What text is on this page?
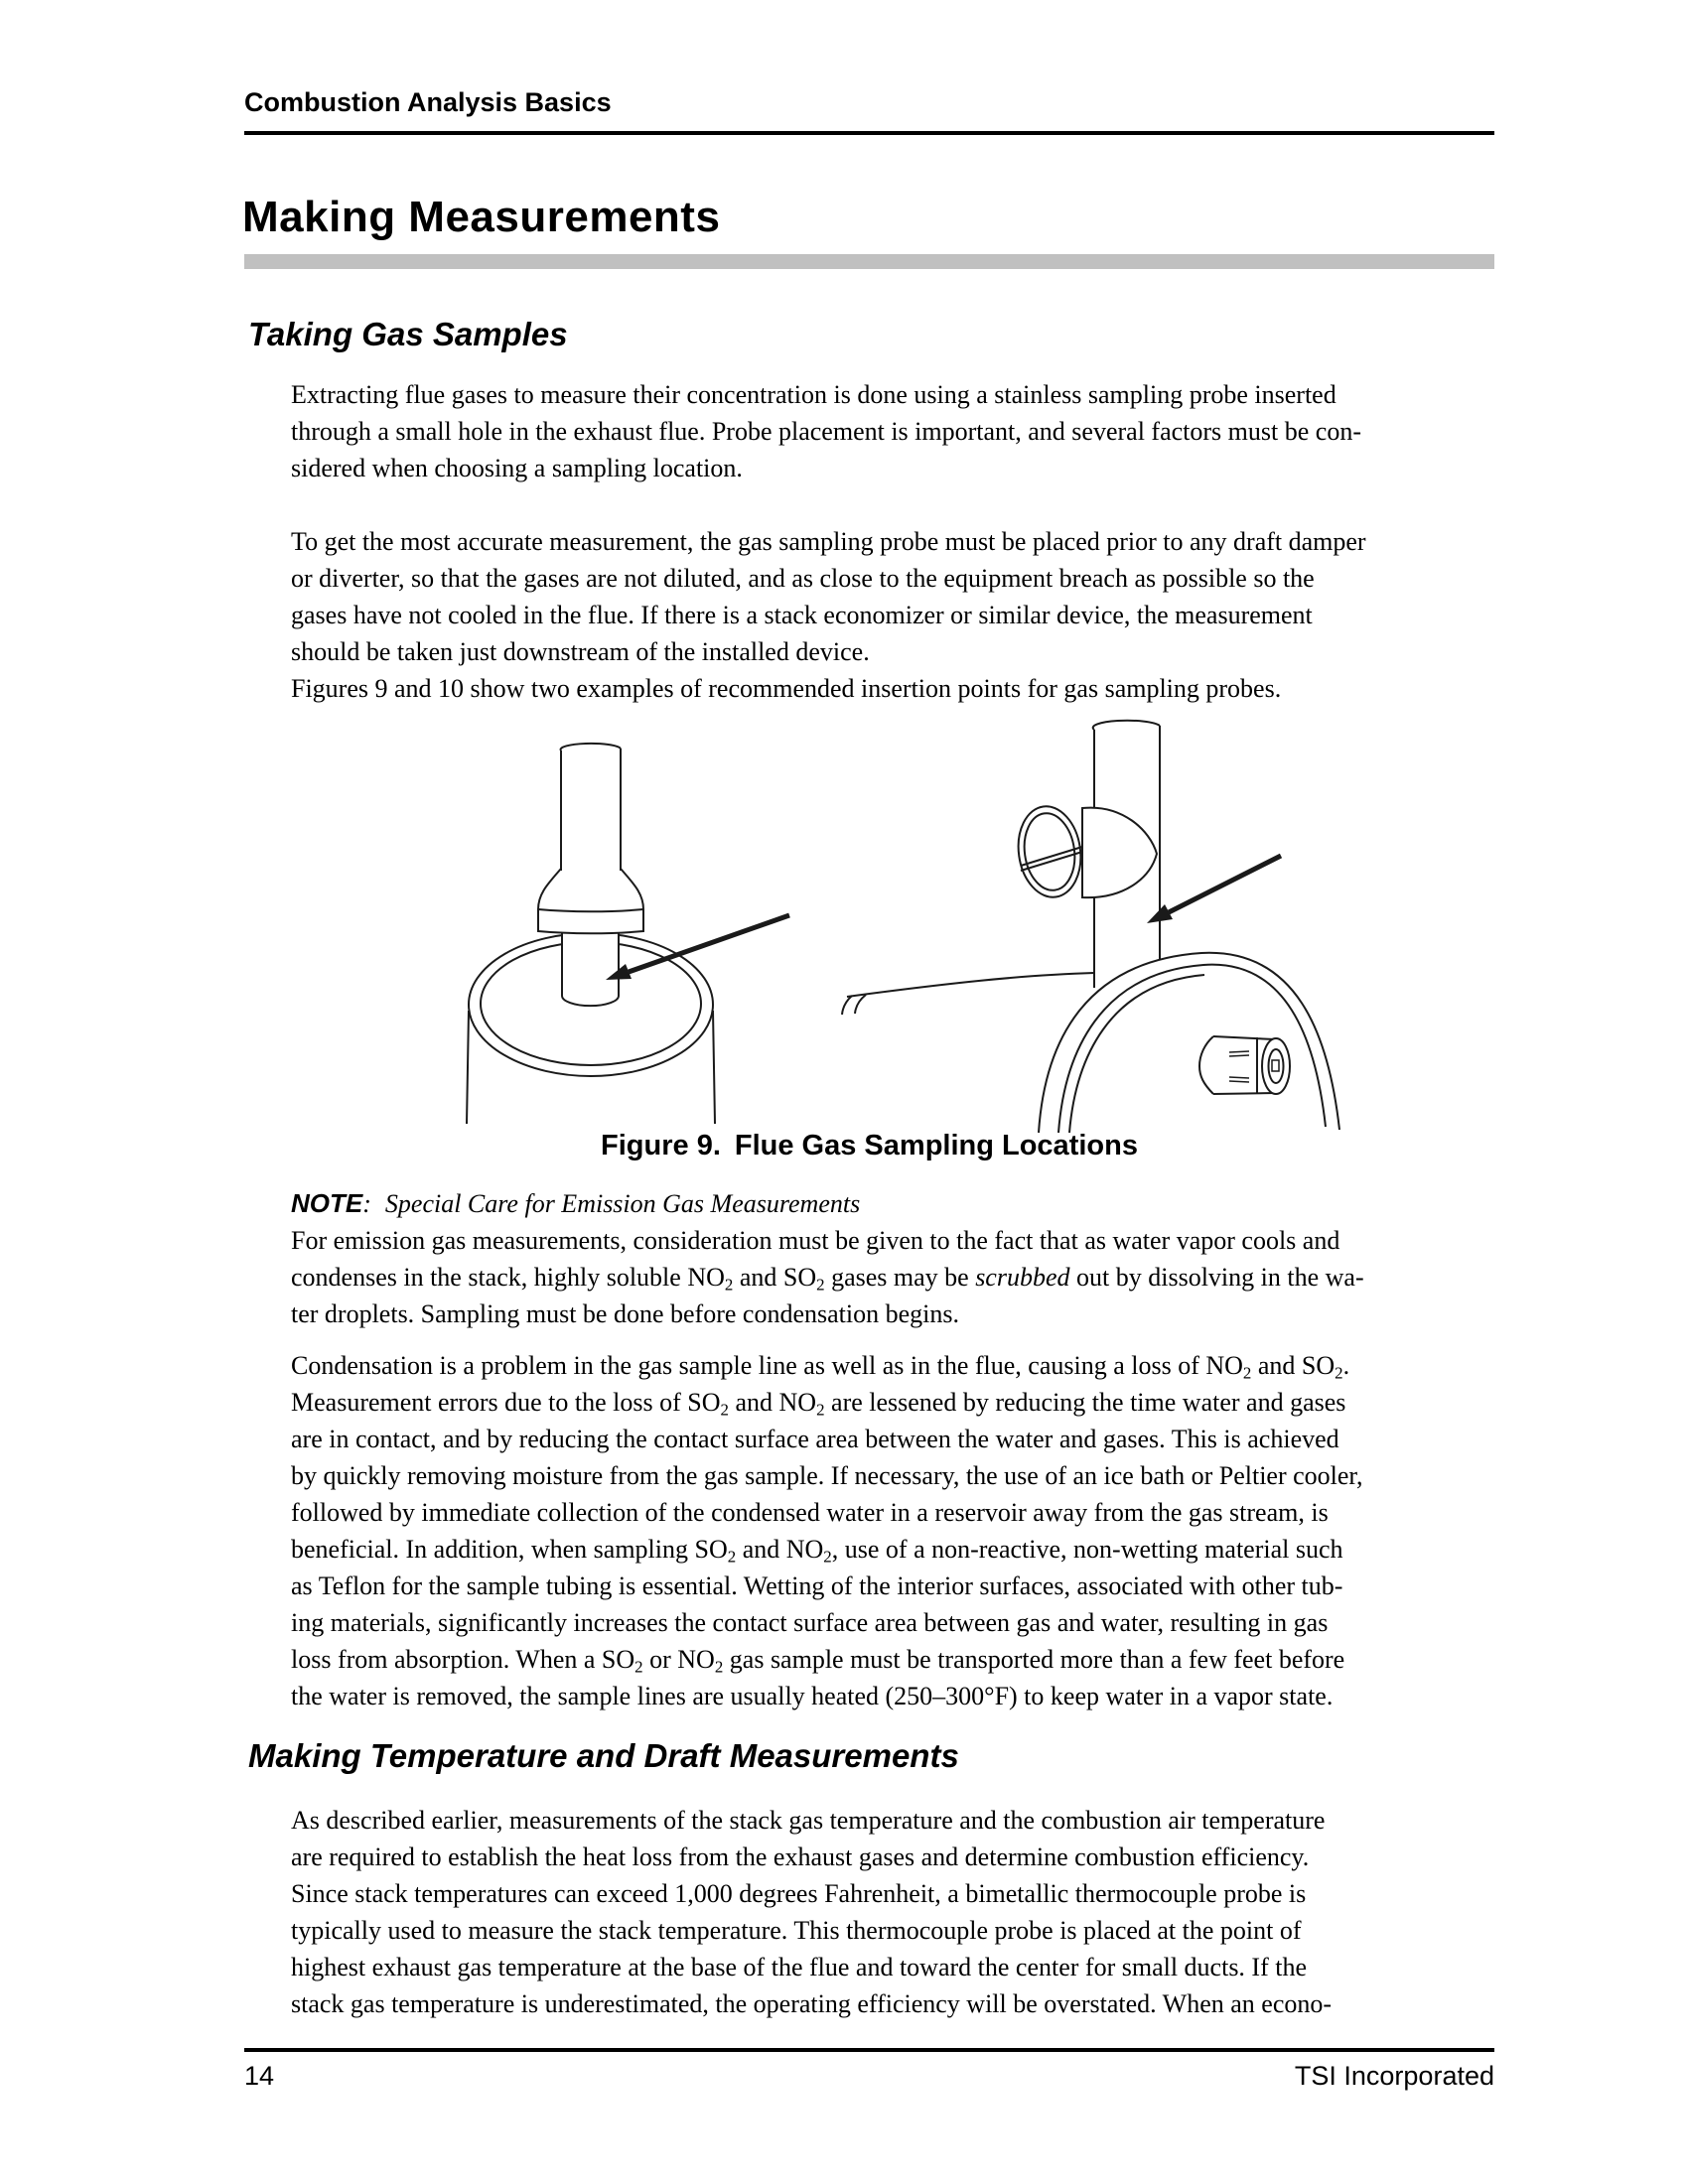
Combustion Analysis Basics
Making Measurements
Taking Gas Samples
Extracting flue gases to measure their concentration is done using a stainless sampling probe inserted
through a small hole in the exhaust flue. Probe placement is important, and several factors must be con-
sidered when choosing a sampling location.
To get the most accurate measurement, the gas sampling probe must be placed prior to any draft damper
or diverter, so that the gases are not diluted, and as close to the equipment breach as possible so the
gases have not cooled in the flue. If there is a stack economizer or similar device, the measurement
should be taken just downstream of the installed device.
Figures 9 and 10 show two examples of recommended insertion points for gas sampling probes.
Figure 9. Flue Gas Sampling Locations
NOTE: Special Care for Emission Gas Measurements
For emission gas measurements, consideration must be given to the fact that as water vapor cools and
condenses in the stack, highly soluble $NO_2$ and $SO_2$ gases may be scrubbed out by dissolving in the wa-
ter droplets. Sampling must be done before condensation begins.
Condensation is a problem in the gas sample line as well as in the flue, causing a loss of $NO_2$ and $SO_2$.
Measurement errors due to the loss of $SO_2$ and $NO_2$ are lessened by reducing the time water and gases
are in contact, and by reducing the contact surface area between the water and gases. This is achieved
by quickly removing moisture from the gas sample. If necessary, the use of an ice bath or Peltier cooler,
followed by immediate collection of the condensed water in a reservoir away from the gas stream, is
beneficial. In addition, when sampling $SO_2$ and $NO_2$, use of a non-reactive, non-wetting material such
as Teflon for the sample tubing is essential. Wetting of the interior surfaces, associated with other tub-
ing materials, significantly increases the contact surface area between gas and water, resulting in gas
loss from absorption. When a $SO_2$ or $NO_2$ gas sample must be transported more than a few feet before
the water is removed, the sample lines are usually heated (250–300°F) to keep water in a vapor state.
Making Temperature and Draft Measurements
As described earlier, measurements of the stack gas temperature and the combustion air temperature
are required to establish the heat loss from the exhaust gases and determine combustion efficiency.
Since stack temperatures can exceed 1,000 degrees Fahrenheit, a bimetallic thermocouple probe is
typically used to measure the stack temperature. This thermocouple probe is placed at the point of
highest exhaust gas temperature at the base of the flue and toward the center for small ducts. If the
stack gas temperature is underestimated, the operating efficiency will be overstated. When an econo-
14	TSI Incorporated
